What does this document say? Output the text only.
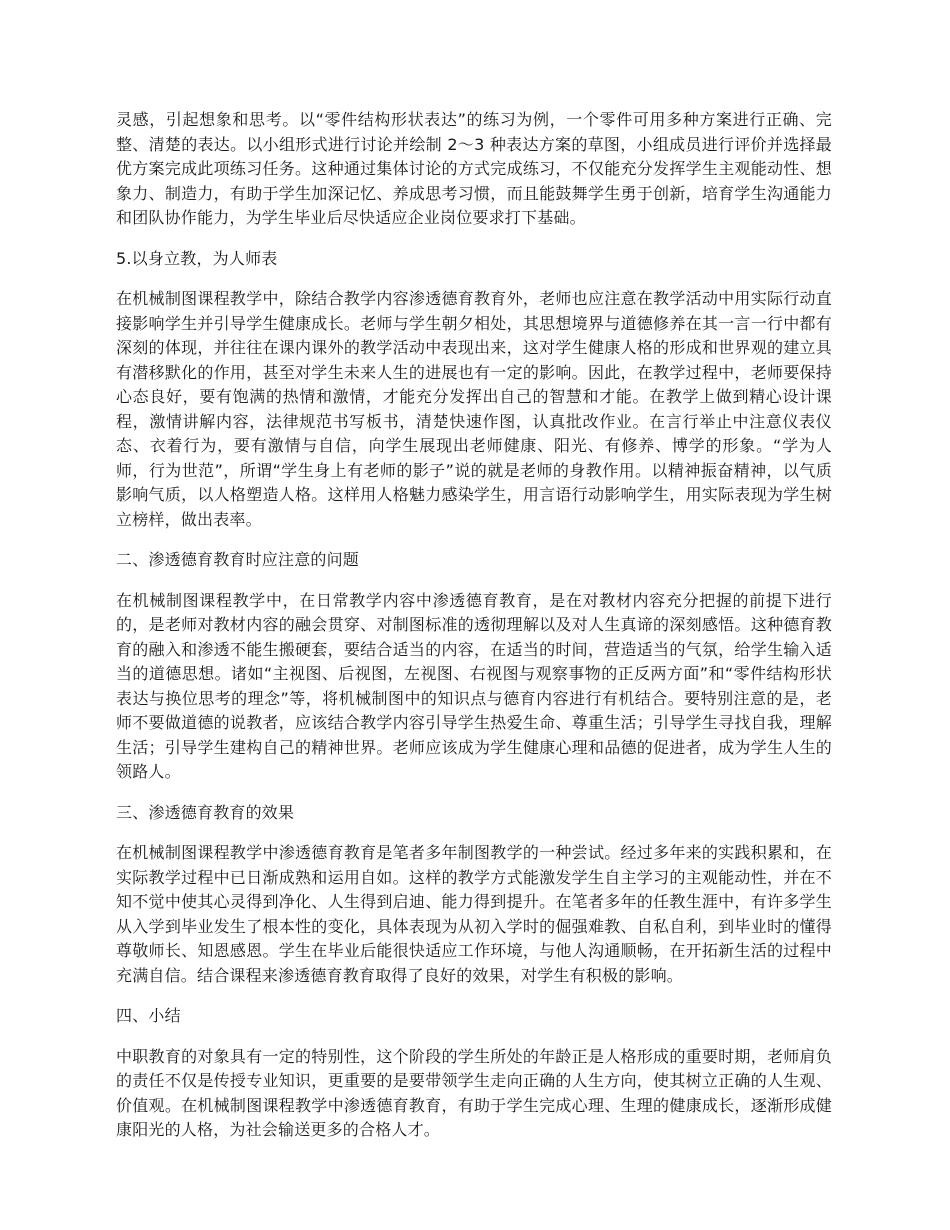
灵感，引起想象和思考。以“零件结构形状表达”的练习为例，一个零件可用多种方案进行正确、完整、清楚的表达。以小组形式进行讨论并绘制 2～3 种表达方案的草图，小组成员进行评价并选择最优方案完成此项练习任务。这种通过集体讨论的方式完成练习，不仅能充分发挥学生主观能动性、想象力、制造力，有助于学生加深记忆、养成思考习惯，而且能鼓舞学生勇于创新，培育学生沟通能力和团队协作能力，为学生毕业后尽快适应企业岗位要求打下基础。

5.以身立教，为人师表

在机械制图课程教学中，除结合教学内容渗透德育教育外，老师也应注意在教学活动中用实际行动直接影响学生并引导学生健康成长。老师与学生朝夕相处，其思想境界与道德修养在其一言一行中都有深刻的体现，并往往在课内课外的教学活动中表现出来，这对学生健康人格的形成和世界观的建立具有潜移默化的作用，甚至对学生未来人生的进展也有一定的影响。因此，在教学过程中，老师要保持心态良好，要有饱满的热情和激情，才能充分发挥出自己的智慧和才能。在教学上做到精心设计课程，激情讲解内容，法律规范书写板书，清楚快速作图，认真批改作业。在言行举止中注意仪表仪态、衣着行为，要有激情与自信，向学生展现出老师健康、阳光、有修养、博学的形象。“学为人师，行为世范”，所谓“学生身上有老师的影子”说的就是老师的身教作用。以精神振奋精神，以气质影响气质，以人格塑造人格。这样用人格魅力感染学生，用言语行动影响学生，用实际表现为学生树立榜样，做出表率。

二、渗透德育教育时应注意的问题

在机械制图课程教学中，在日常教学内容中渗透德育教育，是在对教材内容充分把握的前提下进行的，是老师对教材内容的融会贯穿、对制图标准的透彻理解以及对人生真谛的深刻感悟。这种德育教育的融入和渗透不能生搬硬套，要结合适当的内容，在适当的时间，营造适当的气氛，给学生输入适当的道德思想。诸如“主视图、后视图，左视图、右视图与观察事物的正反两方面”和“零件结构形状表达与换位思考的理念”等，将机械制图中的知识点与德育内容进行有机结合。要特别注意的是，老师不要做道德的说教者，应该结合教学内容引导学生热爱生命、尊重生活；引导学生寻找自我，理解生活；引导学生建构自己的精神世界。老师应该成为学生健康心理和品德的促进者，成为学生人生的领路人。

三、渗透德育教育的效果

在机械制图课程教学中渗透德育教育是笔者多年制图教学的一种尝试。经过多年来的实践积累和，在实际教学过程中已日渐成熟和运用自如。这样的教学方式能激发学生自主学习的主观能动性，并在不知不觉中使其心灵得到净化、人生得到启迪、能力得到提升。在笔者多年的任教生涯中，有许多学生从入学到毕业发生了根本性的变化，具体表现为从初入学时的倔强难教、自私自利，到毕业时的懂得尊敬师长、知恩感恩。学生在毕业后能很快适应工作环境，与他人沟通顺畅，在开拓新生活的过程中充满自信。结合课程来渗透德育教育取得了良好的效果，对学生有积极的影响。

四、小结

中职教育的对象具有一定的特别性，这个阶段的学生所处的年龄正是人格形成的重要时期，老师肩负的责任不仅是传授专业知识，更重要的是要带领学生走向正确的人生方向，使其树立正确的人生观、价值观。在机械制图课程教学中渗透德育教育，有助于学生完成心理、生理的健康成长，逐渐形成健康阳光的人格，为社会输送更多的合格人才。
